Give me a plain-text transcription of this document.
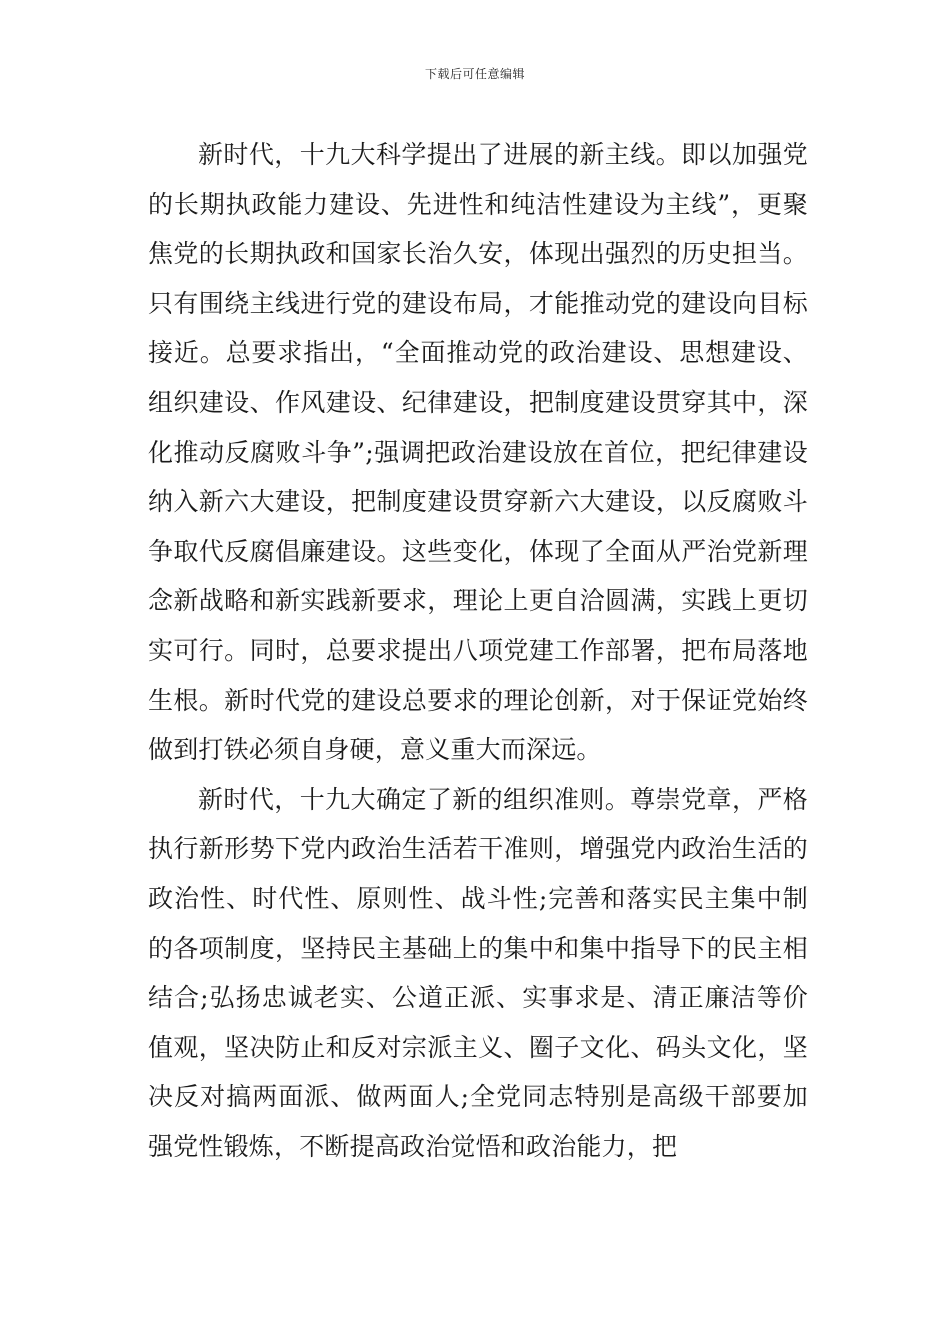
下载后可任意编辑

新时代，十九大科学提出了进展的新主线。即以加强党的长期执政能力建设、先进性和纯洁性建设为主线”，更聚焦党的长期执政和国家长治久安，体现出强烈的历史担当。只有围绕主线进行党的建设布局，才能推动党的建设向目标接近。总要求指出，“全面推动党的政治建设、思想建设、组织建设、作风建设、纪律建设，把制度建设贯穿其中，深化推动反腐败斗争”;强调把政治建设放在首位，把纪律建设纳入新六大建设，把制度建设贯穿新六大建设，以反腐败斗争取代反腐倡廉建设。这些变化，体现了全面从严治党新理念新战略和新实践新要求，理论上更自洽圆满，实践上更切实可行。同时，总要求提出八项党建工作部署，把布局落地生根。新时代党的建设总要求的理论创新，对于保证党始终做到打铁必须自身硬，意义重大而深远。

新时代，十九大确定了新的组织准则。尊崇党章，严格执行新形势下党内政治生活若干准则，增强党内政治生活的政治性、时代性、原则性、战斗性;完善和落实民主集中制的各项制度，坚持民主基础上的集中和集中指导下的民主相结合;弘扬忠诚老实、公道正派、实事求是、清正廉洁等价值观，坚决防止和反对宗派主义、圈子文化、码头文化，坚决反对搞两面派、做两面人;全党同志特别是高级干部要加强党性锻炼，不断提高政治觉悟和政治能力，把
